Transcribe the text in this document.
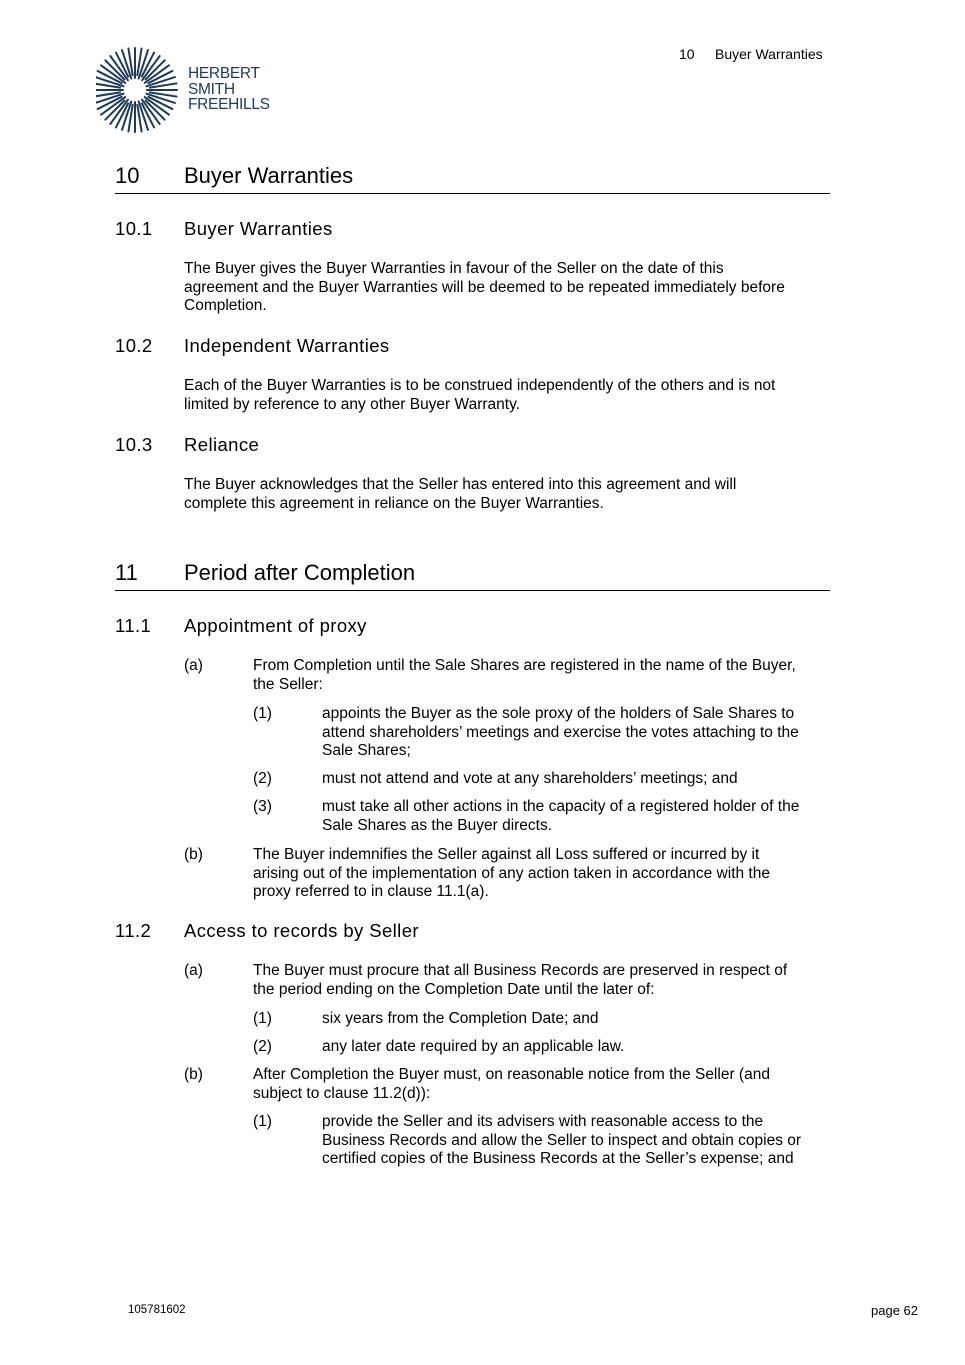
HERBERT
SMITH
FREEHILLS
10 Buyer Warranties
10 Buyer Warranties
10.1 Buyer Warranties
The Buyer gives the Buyer Warranties in favour of the Seller on the date of this
agreement and the Buyer Warranties will be deemed to be repeated immediately before
Completion.
10.2 Independent Warranties
Each of the Buyer Warranties is to be construed independently of the others and is not
limited by reference to any other Buyer Warranty.
10.3 Reliance
The Buyer acknowledges that the Seller has entered into this agreement and will
complete this agreement in reliance on the Buyer Warranties.
11 Period after Completion
11.1 Appointment of proxy
(a)	From Completion until the Sale Shares are registered in the name of the Buyer,
the Seller:
(1)	appoints the Buyer as the sole proxy of the holders of Sale Shares to
attend shareholders’ meetings and exercise the votes attaching to the
Sale Shares;
(2)	must not attend and vote at any shareholders’ meetings; and
(3)	must take all other actions in the capacity of a registered holder of the
Sale Shares as the Buyer directs.
(b)	The Buyer indemnifies the Seller against all Loss suffered or incurred by it
arising out of the implementation of any action taken in accordance with the
proxy referred to in clause 11.1(a).
11.2 Access to records by Seller
(a)	The Buyer must procure that all Business Records are preserved in respect of
the period ending on the Completion Date until the later of:
(1)	six years from the Completion Date; and
(2)	any later date required by an applicable law.
(b)	After Completion the Buyer must, on reasonable notice from the Seller (and
subject to clause 11.2(d)):
(1)	provide the Seller and its advisers with reasonable access to the
Business Records and allow the Seller to inspect and obtain copies or
certified copies of the Business Records at the Seller’s expense; and
105781602	page 62
